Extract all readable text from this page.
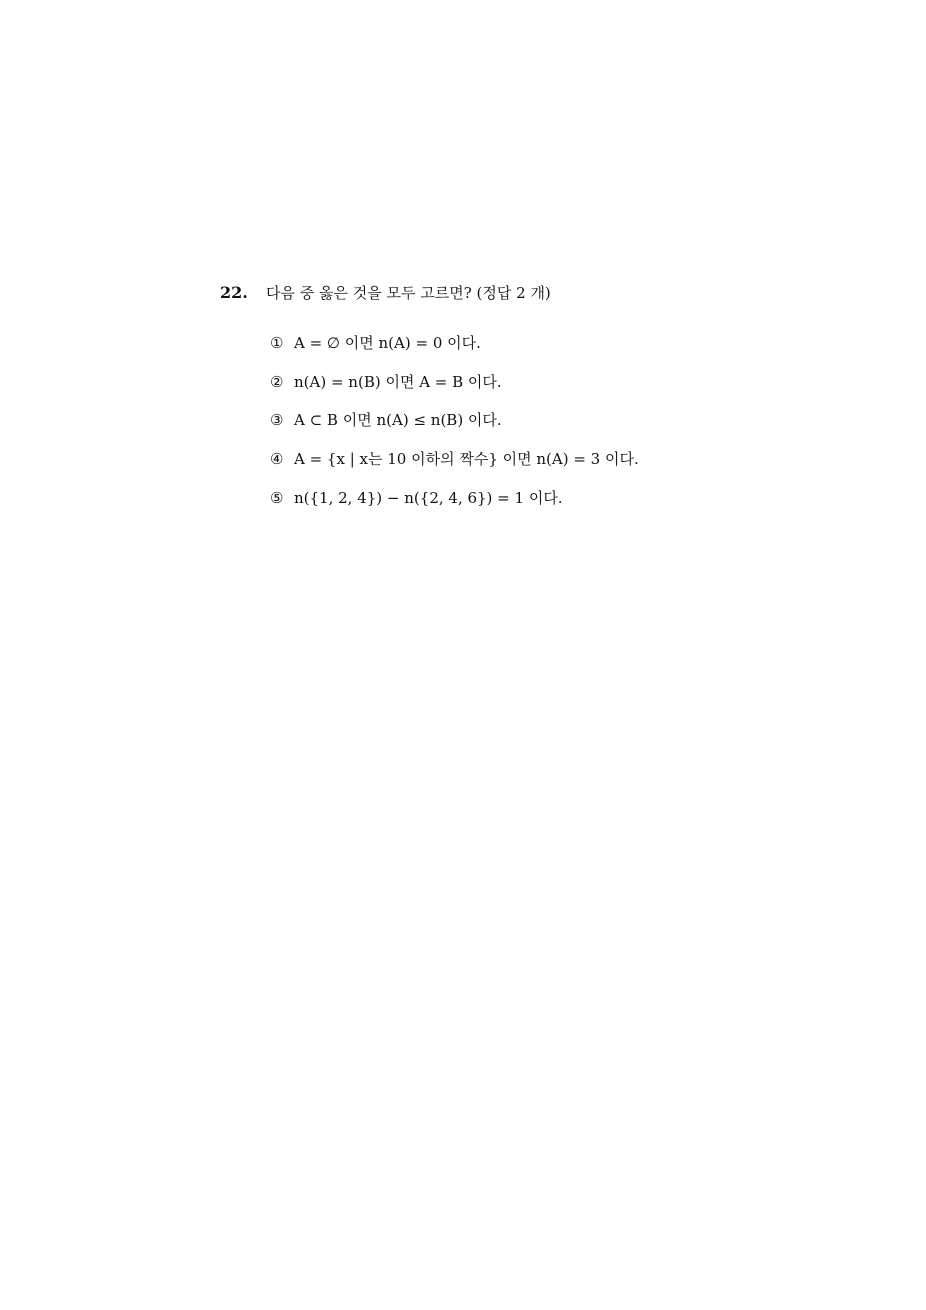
22.	다음 중 옳은 것을 모두 고르면? (정답 2 개)
① A = ∅ 이면 n(A) = 0 이다.
② n(A) = n(B) 이면 A = B 이다.
③ A ⊂ B 이면 n(A) ≤ n(B) 이다.
④ A = {x | x는 10 이하의 짝수} 이면 n(A) = 3 이다.
⑤ n({1, 2, 4}) − n({2, 4, 6}) = 1 이다.
